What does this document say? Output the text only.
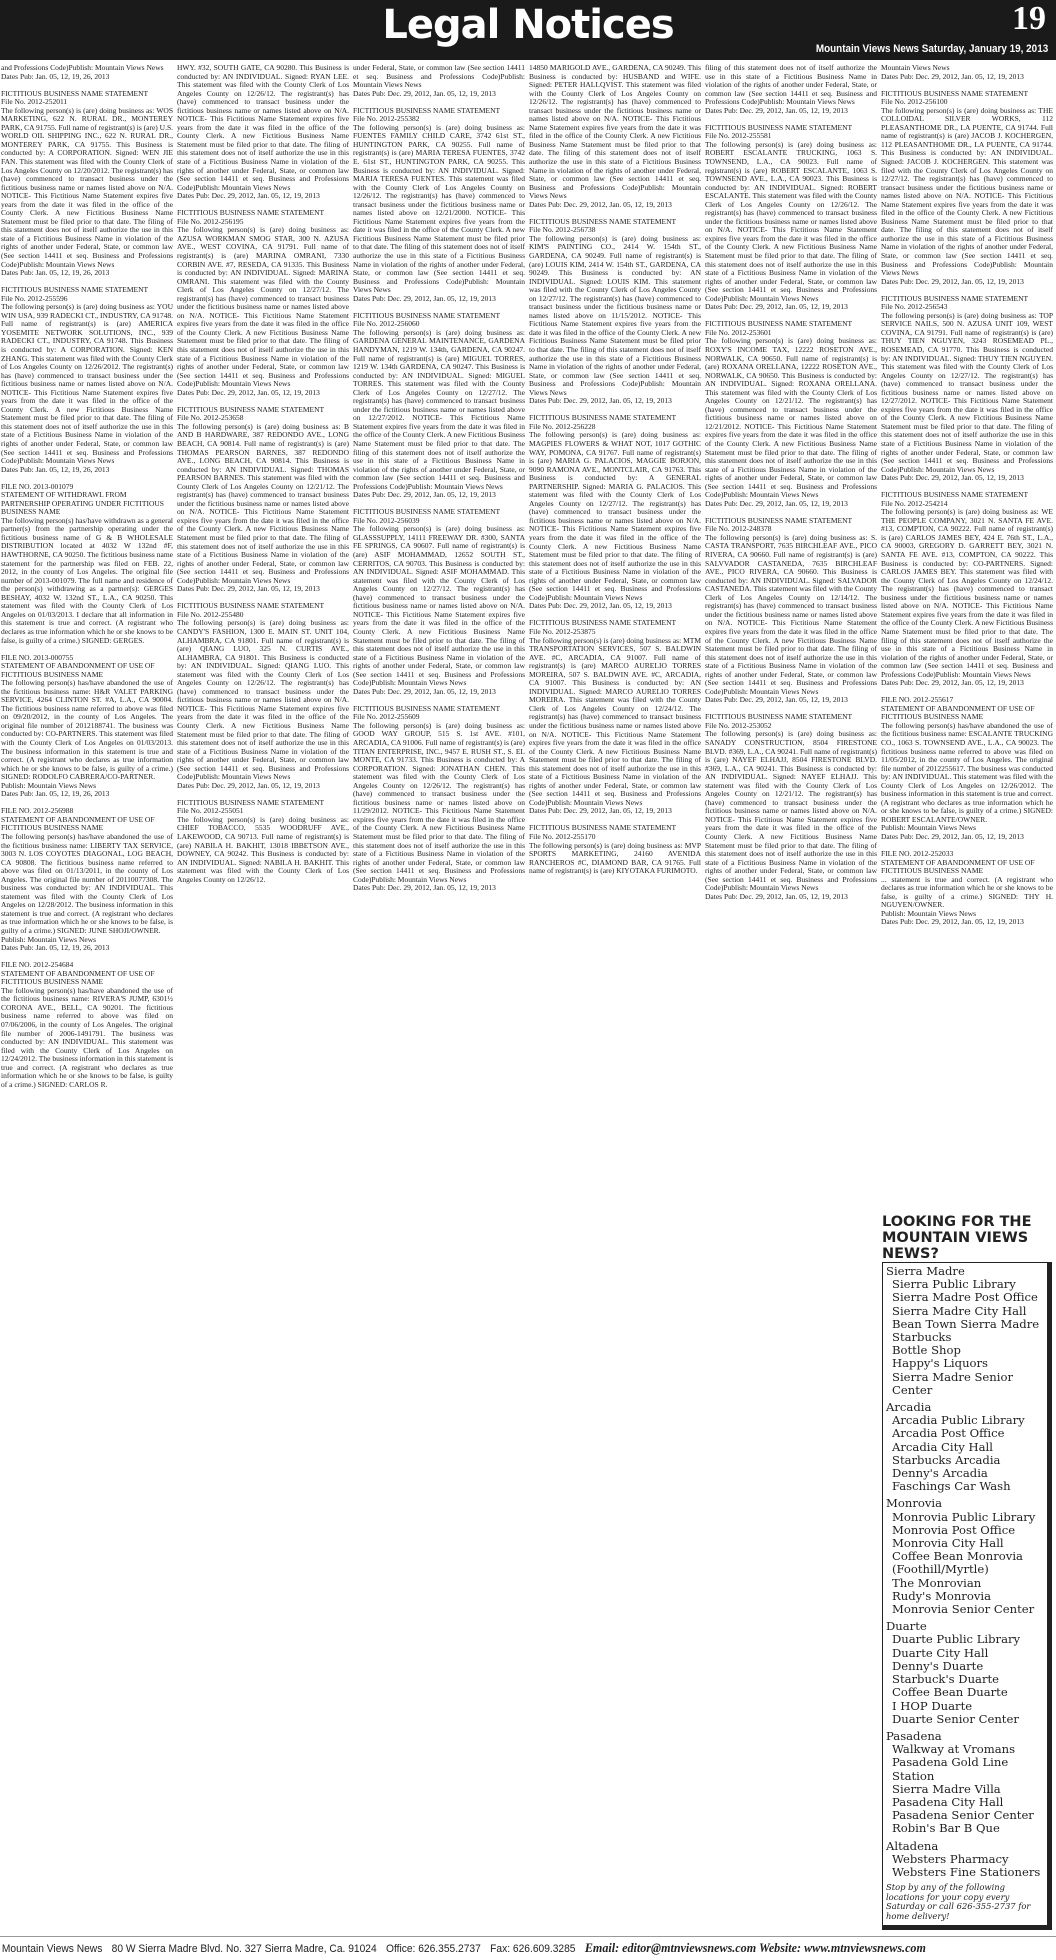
Legal Notices	19
Mountain Views News Saturday, January 19, 2013
and Professions Code)Publish: Mountain Views News
Dates Pub: Jan. 05, 12, 19, 26, 2013
FICTITIOUS BUSINESS NAME STATEMENT
File No. 2012-252011
The following person(s) is (are) doing business as: WOS MARKETING, 622 N. RURAL DR., MONTEREY PARK, CA 91755. Full name of registrant(s) is (are) U.S. WORLD OIL SHIPPING INC., 622 N. RURAL DR., MONTEREY PARK, CA 91755. This Business is conducted by: A CORPORATION. Signed: WEN JIE FAN. This statement was filed with the County Clerk of Los Angeles County on 12/20/2012. The registrant(s) has (have) commenced to transact business under the fictitious business name or names listed above on N/A. NOTICE- This Fictitious Name Statement expires five years from the date it was filed in the office of the County Clerk. A new Fictitious Business Name Statement must be filed prior to that date. The filing of this statement does not of itself authorize the use in this state of a Fictitious Business Name in violation of the rights of another under Federal, State, or common law (See section 14411 et seq. Business and Professions Code)Publish: Mountain Views News
Dates Pub: Jan. 05, 12, 19, 26, 2013
FICTITIOUS BUSINESS NAME STATEMENT
File No. 2012-255596
The following person(s) is (are) doing business as: YOU WIN USA, 939 RADECKI CT., INDUSTRY, CA 91748. Full name of registrant(s) is (are) AMERICA YOSEMITE NETWORK SOLUTIONS, INC., 939 RADECKI CT., INDUSTRY, CA 91748. This Business is conducted by: A CORPORATION. Signed: KEN ZHANG. This statement was filed with the County Clerk of Los Angeles County on 12/26/2012. The registrant(s) has (have) commenced to transact business under the fictitious business name or names listed above on N/A. NOTICE- This Fictitious Name Statement expires five years from the date it was filed in the office of the County Clerk. A new Fictitious Business Name Statement must be filed prior to that date. The filing of this statement does not of itself authorize the use in this state of a Fictitious Business Name in violation of the rights of another under Federal, State, or common law (See section 14411 et seq. Business and Professions Code)Publish: Mountain Views News
Dates Pub: Jan. 05, 12, 19, 26, 2013
FILE NO. 2013-001079
STATEMENT OF WITHDRAWL FROM PARTNERSHIP OPERATING UNDER FICTITIOUS BUSINESS NAME
The following person(s) has/have withdrawn as a general partner(s) from the partnership operating under the fictitious business name of G & B WHOLESALE DISTRIBUTION located at 4032 W 132nd #F, HAWTHORNE, CA 90250. The fictitious business name statement for the partnership was filed on FEB. 22, 2012, in the county of Los Angeles. The original file number of 2013-001079. The full name and residence of the person(s) withdrawing as a partner(s): GERGES BESHAY, 4032 W. 132nd ST., L.A., CA 90250. This statement was filed with the County Clerk of Los Angeles on 01/03/2013. I declare that all information in this statement is true and correct. (A registrant who declares as true information which he or she knows to be false, is guilty of a crime.) SIGNED: GERGES.
FILE NO. 2013-000755
STATEMENT OF ABANDONMENT OF USE OF FICTITIOUS BUSINESS NAME
The following person(s) has/have abandoned the use of the fictitious business name: H&R VALET PARKING SERVICE, 4264 CLINTON ST. #A, L.A., CA 90004. The fictitious business name referred to above was filed on 09/20/2012, in the county of Los Angeles. The original file number of 2012188741. The business was conducted by: CO-PARTNERS. This statement was filed with the County Clerk of Los Angeles on 01/03/2013. The business information in this statement is true and correct. (A registrant who declares as true information which he or she knows to be false, is guilty of a crime.) SIGNED: RODOLFO CABRERA/CO-PARTNER.
Publish: Mountain Views News
Dates Pub: Jan. 05, 12, 19, 26, 2013
FILE NO. 2012-256988
STATEMENT OF ABANDONMENT OF USE OF FICTITIOUS BUSINESS NAME
The following person(s) has/have abandoned the use of the fictitious business name: LIBERTY TAX SERVICE, 3003 N. LOS COYOTES DIAGONAL, LOG BEACH, CA 90808. The fictitious business name referred to above was filed on 01/13/2011, in the county of Los Angeles. The original file number of 20110077308. The business was conducted by: AN INDIVIDUAL. This statement was filed with the County Clerk of Los Angeles on 12/28/2012. The business information in this statement is true and correct. (A registrant who declares as true information which he or she knows to be false, is guilty of a crime.) SIGNED: JUNE SHOJI/OWNER.
Publish: Mountain Views News
Dates Pub: Jan. 05, 12, 19, 26, 2013
FILE NO. 2012-254684
STATEMENT OF ABANDONMENT OF USE OF FICTITIOUS BUSINESS NAME
The following person(s) has/have abandoned the use of the fictitious business name: RIVERA'S JUMP, 6301½ CORONA AVE., BELL, CA 90201. The fictitious business name referred to above was filed on 07/06/2006, in the county of Los Angeles. The original file number of 2006-1491791. The business was conducted by: AN INDIVIDUAL. This statement was filed with the County Clerk of Los Angeles on 12/24/2012. The business information in this statement is true and correct. (A registrant who declares as true information which he or she knows to be false, is guilty of a crime.) SIGNED: CARLOS R.
HWY. #32, SOUTH GATE, CA 90280. This Business is conducted by: AN INDIVIDUAL. Signed: RYAN LEE. This statement was filed with the County Clerk of Los Angeles County on 12/26/12. The registrant(s) has (have) commenced to transact business under the fictitious business name or names listed above on N/A. NOTICE- This Fictitious Name Statement expires five years from the date it was filed in the office of the County Clerk. A new Fictitious Business Name Statement must be filed prior to that date. The filing of this statement does not of itself authorize the use in this state of a Fictitious Business Name in violation of the rights of another under Federal, State, or common law (See section 14411 et seq. Business and Professions Code)Publish: Mountain Views News
Dates Pub: Dec. 29, 2012, Jan. 05, 12, 19, 2013
FICTITIOUS BUSINESS NAME STATEMENT
File No. 2012-256195
The following person(s) is (are) doing business as: AZUSA WORKMAN SMOG STAR, 300 N. AZUSA AVE., WEST COVINA, CA 91791. Full name of registrant(s) is (are) MARINA OMRANI, 7330 CORBIN AVE. #7, RESEDA, CA 91335. This Business is conducted by: AN INDIVIDUAL. Signed: MARINA OMRANI. This statement was filed with the County Clerk of Los Angeles County on 12/27/12. The registrant(s) has (have) commenced to transact business under the fictitious business name or names listed above on N/A. NOTICE- This Fictitious Name Statement expires five years from the date it was filed in the office of the County Clerk. A new Fictitious Business Name Statement must be filed prior to that date. The filing of this statement does not of itself authorize the use in this state of a Fictitious Business Name in violation of the rights of another under Federal, State, or common law (See section 14411 et seq. Business and Professions Code)Publish: Mountain Views News
Dates Pub: Dec. 29, 2012, Jan. 05, 12, 19, 2013
FICTITIOUS BUSINESS NAME STATEMENT
File No. 2012-253658
The following person(s) is (are) doing business as: B AND B HARDWARE, 387 REDONDO AVE., LONG BEACH, CA 90814. Full name of registrant(s) is (are) THOMAS PEARSON BARNES, 387 REDONDO AVE., LONG BEACH, CA 90814. This Business is conducted by: AN INDIVIDUAL. Signed: THOMAS PEARSON BARNES. This statement was filed with the County Clerk of Los Angeles County on 12/21/12. The registrant(s) has (have) commenced to transact business under the fictitious business name or names listed above on N/A. NOTICE- This Fictitious Name Statement expires five years from the date it was filed in the office of the County Clerk. A new Fictitious Business Name Statement must be filed prior to that date. The filing of this statement does not of itself authorize the use in this state of a Fictitious Business Name in violation of the rights of another under Federal, State, or common law (See section 14411 et seq. Business and Professions Code)Publish: Mountain Views News
Dates Pub: Dec. 29, 2012, Jan. 05, 12, 19, 2013
FICTITIOUS BUSINESS NAME STATEMENT
File No. 2012-255480
The following person(s) is (are) doing business as: CANDY'S FASHION, 1300 E. MAIN ST. UNIT 104, ALHAMBRA, CA 91801. Full name of registrant(s) is (are) QIANG LUO, 325 N. CURTIS AVE., ALHAMBRA, CA 91801. This Business is conducted by: AN INDIVIDUAL. Signed: QIANG LUO. This statement was filed with the County Clerk of Los Angeles County on 12/26/12. The registrant(s) has (have) commenced to transact business under the fictitious business name or names listed above on N/A. NOTICE- This Fictitious Name Statement expires five years from the date it was filed in the office of the County Clerk. A new Fictitious Business Name Statement must be filed prior to that date. The filing of this statement does not of itself authorize the use in this state of a Fictitious Business Name in violation of the rights of another under Federal, State, or common law (See section 14411 et seq. Business and Professions Code)Publish: Mountain Views News
Dates Pub: Dec. 29, 2012, Jan. 05, 12, 19, 2013
FICTITIOUS BUSINESS NAME STATEMENT
File No. 2012-255051
The following person(s) is (are) doing business as: CHIEF TOBACCO, 5535 WOODRUFF AVE., LAKEWOOD, CA 90713. Full name of registrant(s) is (are) NABILA H. BAKHIT, 13018 IBBETSON AVE., DOWNEY, CA 90242. This Business is conducted by: AN INDIVIDUAL. Signed: NABILA H. BAKHIT. This statement was filed with the County Clerk of Los Angeles County on 12/26/12.
under Federal, State, or common law (See section 14411 et seq. Business and Professions Code)Publish: Mountain Views News
Dates Pub: Dec. 29, 2012, Jan. 05, 12, 19, 2013
FICTITIOUS BUSINESS NAME STATEMENT
File No. 2012-255382
The following person(s) is (are) doing business as: FUENTES FAMILY CHILD CARE, 3742 61st ST., HUNTINGTON PARK, CA 90255. Full name of registrant(s) is (are) MARIA TERESA FUENTES, 3742 E. 61st ST., HUNTINGTON PARK, CA 90255. This Business is conducted by: AN INDIVIDUAL. Signed: MARIA TERESA FUENTES. This statement was filed with the County Clerk of Los Angeles County on 12/26/12. The registrant(s) has (have) commenced to transact business under the fictitious business name or names listed above on 12/21/2000. NOTICE- This Fictitious Name Statement expires five years from the date it was filed in the office of the County Clerk. A new Fictitious Business Name Statement must be filed prior to that date. The filing of this statement does not of itself authorize the use in this state of a Fictitious Business Name in violation of the rights of another under Federal, State, or common law (See section 14411 et seq. Business and Professions Code)Publish: Mountain Views News
Dates Pub: Dec. 29, 2012, Jan. 05, 12, 19, 2013
FICTITIOUS BUSINESS NAME STATEMENT
File No. 2012-256060
The following person(s) is (are) doing business as: GARDENA GENERAL MAINTENANCE, GARDENA HANDYMAN, 1219 W. 134th, GARDENA, CA 90247. Full name of registrant(s) is (are) MIGUEL TORRES, 1219 W. 134th GARDENA, CA 90247. This Business is conducted by: AN INDIVIDUAL. Signed: MIGUEL TORRES. This statement was filed with the County Clerk of Los Angeles County on 12/27/12. The registrant(s) has (have) commenced to transact business under the fictitious business name or names listed above on 12/27/2012. NOTICE- This Fictitious Name Statement expires five years from the date it was filed in the office of the County Clerk. A new Fictitious Business Name Statement must be filed prior to that date. The filing of this statement does not of itself authorize the use in this state of a Fictitious Business Name in violation of the rights of another under Federal, State, or common law (See section 14411 et seq. Business and Professions Code)Publish: Mountain Views News
Dates Pub: Dec. 29, 2012, Jan. 05, 12, 19, 2013
FICTITIOUS BUSINESS NAME STATEMENT
File No. 2012-256039
The following person(s) is (are) doing business as: GLASSSUPPLY, 14111 FREEWAY DR. #300, SANTA FE SPRINGS, CA 90607. Full name of registrant(s) is (are) ASIF MOHAMMAD, 12652 SOUTH ST., CERRITOS, CA 90703. This Business is conducted by: AN INDIVIDUAL. Signed: ASIF MOHAMMAD. This statement was filed with the County Clerk of Los Angeles County on 12/27/12. The registrant(s) has (have) commenced to transact business under the fictitious business name or names listed above on N/A. NOTICE- This Fictitious Name Statement expires five years from the date it was filed in the office of the County Clerk. A new Fictitious Business Name Statement must be filed prior to that date. The filing of this statement does not of itself authorize the use in this state of a Fictitious Business Name in violation of the rights of another under Federal, State, or common law (See section 14411 et seq. Business and Professions Code)Publish: Mountain Views News
Dates Pub: Dec. 29, 2012, Jan. 05, 12, 19, 2013
FICTITIOUS BUSINESS NAME STATEMENT
File No. 2012-255609
The following person(s) is (are) doing business as: GOOD WAY GROUP, 515 S. 1st AVE. #101, ARCADIA, CA 91006. Full name of registrant(s) is (are) TITAN ENTERPRISE, INC., 9457 E. RUSH ST., S. EL MONTE, CA 91733. This Business is conducted by: A CORPORATION. Signed: JONATHAN CHEN. This statement was filed with the County Clerk of Los Angeles County on 12/26/12. The registrant(s) has (have) commenced to transact business under the fictitious business name or names listed above on 11/29/2012. NOTICE- This Fictitious Name Statement expires five years from the date it was filed in the office of the County Clerk. A new Fictitious Business Name Statement must be filed prior to that date. The filing of this statement does not of itself authorize the use in this state of a Fictitious Business Name in violation of the rights of another under Federal, State, or common law (See section 14411 et seq. Business and Professions Code)Publish: Mountain Views News
Dates Pub: Dec. 29, 2012, Jan. 05, 12, 19, 2013
14850 MARIGOLD AVE., GARDENA, CA 90249. This Business is conducted by: HUSBAND and WIFE. Signed: PETER HALLQVIST. This statement was filed with the County Clerk of Los Angeles County on 12/26/12. The registrant(s) has (have) commenced to transact business under the fictitious business name or names listed above on N/A. NOTICE- This Fictitious Name Statement expires five years from the date it was filed in the office of the County Clerk. A new Fictitious Business Name Statement must be filed prior to that date. The filing of this statement does not of itself authorize the use in this state of a Fictitious Business Name in violation of the rights of another under Federal, State, or common law (See section 14411 et seq. Business and Professions Code)Publish: Mountain Views News
Dates Pub: Dec. 29, 2012, Jan. 05, 12, 19, 2013
FICTITIOUS BUSINESS NAME STATEMENT
File No. 2012-256738
The following person(s) is (are) doing business as: KIM'S PAINTING CO., 2414 W. 154th ST., GARDENA, CA 90249. Full name of registrant(s) is (are) LOUIS KIM, 2414 W. 154th ST., GARDENA, CA 90249. This Business is conducted by: AN INDIVIDUAL. Signed: LOUIS KIM. This statement was filed with the County Clerk of Los Angeles County on 12/27/12. The registrant(s) has (have) commenced to transact business under the fictitious business name or names listed above on 11/15/2012. NOTICE- This Fictitious Name Statement expires five years from the date it was filed in the office of the County Clerk. A new Fictitious Business Name Statement must be filed prior to that date. The filing of this statement does not of itself authorize the use in this state of a Fictitious Business Name in violation of the rights of another under Federal, State, or common law (See section 14411 et seq. Business and Professions Code)Publish: Mountain Views News
Dates Pub: Dec. 29, 2012, Jan. 05, 12, 19, 2013
FICTITIOUS BUSINESS NAME STATEMENT
File No. 2012-256228
The following person(s) is (are) doing business as: MAGPIES FLOWERS & WHAT NOT, 1017 GOTHIC WAY, POMONA, CA 91767. Full name of registrant(s) is (are) MARIA G. PALACIOS, MAGGIE BORJON, 9090 RAMONA AVE., MONTCLAIR, CA 91763. This Business is conducted by: A GENERAL PARTNERSHIP. Signed: MARIA G. PALACIOS. This statement was filed with the County Clerk of Los Angeles County on 12/27/12. The registrant(s) has (have) commenced to transact business under the fictitious business name or names listed above on N/A. NOTICE- This Fictitious Name Statement expires five years from the date it was filed in the office of the County Clerk. A new Fictitious Business Name Statement must be filed prior to that date. The filing of this statement does not of itself authorize the use in this state of a Fictitious Business Name in violation of the rights of another under Federal, State, or common law (See section 14411 et seq. Business and Professions Code)Publish: Mountain Views News
Dates Pub: Dec. 29, 2012, Jan. 05, 12, 19, 2013
FICTITIOUS BUSINESS NAME STATEMENT
File No. 2012-253875
The following person(s) is (are) doing business as: MTM TRANSPORTATION SERVICES, 507 S. BALDWIN AVE. #C, ARCADIA, CA 91007. Full name of registrant(s) is (are) MARCO AURELIO TORRES MOREIRA, 507 S. BALDWIN AVE. #C, ARCADIA, CA 91007. This Business is conducted by: AN INDIVIDUAL. Signed: MARCO AURELIO TORRES MOREIRA. This statement was filed with the County Clerk of Los Angeles County on 12/24/12. The registrant(s) has (have) commenced to transact business under the fictitious business name or names listed above on N/A. NOTICE- This Fictitious Name Statement expires five years from the date it was filed in the office of the County Clerk. A new Fictitious Business Name Statement must be filed prior to that date. The filing of this statement does not of itself authorize the use in this state of a Fictitious Business Name in violation of the rights of another under Federal, State, or common law (See section 14411 et seq. Business and Professions Code)Publish: Mountain Views News
Dates Pub: Dec. 29, 2012, Jan. 05, 12, 19, 2013
FICTITIOUS BUSINESS NAME STATEMENT
File No. 2012-255170
The following person(s) is (are) doing business as: MVP SPORTS MARKETING, 24160 AVENIDA RANCHEROS #C, DIAMOND BAR, CA 91765. Full name of registrant(s) is (are) KIYOTAKA FURIMOTO.
filing of this statement does not of itself authorize the use in this state of a Fictitious Business Name in violation of the rights of another under Federal, State, or common law (See section 14411 et seq. Business and Professions Code)Publish: Mountain Views News
Dates Pub: Dec. 29, 2012, Jan. 05, 12, 19, 2013
FICTITIOUS BUSINESS NAME STATEMENT
File No. 2012-255581
The following person(s) is (are) doing business as: ROBERT ESCALANTE TRUCKING, 1063 S. TOWNSEND, L.A., CA 90023. Full name of registrant(s) is (are) ROBERT ESCALANTE, 1063 S. TOWNSEND AVE., L.A., CA 90023. This Business is conducted by: AN INDIVIDUAL. Signed: ROBERT ESCALANTE. This statement was filed with the County Clerk of Los Angeles County on 12/26/12. The registrant(s) has (have) commenced to transact business under the fictitious business name or names listed above on N/A. NOTICE- This Fictitious Name Statement expires five years from the date it was filed in the office of the County Clerk. A new Fictitious Business Name Statement must be filed prior to that date. The filing of this statement does not of itself authorize the use in this state of a Fictitious Business Name in violation of the rights of another under Federal, State, or common law (See section 14411 et seq. Business and Professions Code)Publish: Mountain Views News
Dates Pub: Dec. 29, 2012, Jan. 05, 12, 19, 2013
FICTITIOUS BUSINESS NAME STATEMENT
File No. 2012-253601
The following person(s) is (are) doing business as: ROXY'S INCOME TAX, 12222 ROSETON AVE., NORWALK, CA 90650. Full name of registrant(s) is (are) ROXANA ORELLANA, 12222 ROSETON AVE., NORWALK, CA 90650. This Business is conducted by: AN INDIVIDUAL. Signed: ROXANA ORELLANA. This statement was filed with the County Clerk of Los Angeles County on 12/21/12. The registrant(s) has (have) commenced to transact business under the fictitious business name or names listed above on 12/21/2012. NOTICE- This Fictitious Name Statement expires five years from the date it was filed in the office of the County Clerk. A new Fictitious Business Name Statement must be filed prior to that date. The filing of this statement does not of itself authorize the use in this state of a Fictitious Business Name in violation of the rights of another under Federal, State, or common law (See section 14411 et seq. Business and Professions Code)Publish: Mountain Views News
Dates Pub: Dec. 29, 2012, Jan. 05, 12, 19, 2013
FICTITIOUS BUSINESS NAME STATEMENT
File No. 2012-248378
The following person(s) is (are) doing business as: S. CASTA TRANSPORT, 7635 BIRCHLEAF AVE., PICO RIVERA, CA 90660. Full name of registrant(s) is (are) SALVVADOR CASTANEDA, 7635 BIRCHLEAF AVE., PICO RIVERA, CA 90660. This Business is conducted by: AN INDIVIDUAL. Signed: SALVADOR CASTANEDA. This statement was filed with the County Clerk of Los Angeles County on 12/14/12. The registrant(s) has (have) commenced to transact business under the fictitious business name or names listed above on N/A. NOTICE- This Fictitious Name Statement expires five years from the date it was filed in the office of the County Clerk. A new Fictitious Business Name Statement must be filed prior to that date. The filing of this statement does not of itself authorize the use in this state of a Fictitious Business Name in violation of the rights of another under Federal, State, or common law (See section 14411 et seq. Business and Professions Code)Publish: Mountain Views News
Dates Pub: Dec. 29, 2012, Jan. 05, 12, 19, 2013
FICTITIOUS BUSINESS NAME STATEMENT
File No. 2012-253052
The following person(s) is (are) doing business as: SANADY CONSTRUCTION, 8504 FIRESTONE BLVD. #369, L.A., CA 90241. Full name of registrant(s) is (are) NAYEF ELHAJJ, 8504 FIRESTONE BLVD. #369, L.A., CA 90241. This Business is conducted by: AN INDIVIDUAL. Signed: NAYEF ELHAJJ. This statement was filed with the County Clerk of Los Angeles County on 12/21/12. The registrant(s) has (have) commenced to transact business under the fictitious business name or names listed above on N/A. NOTICE- This Fictitious Name Statement expires five years from the date it was filed in the office of the County Clerk. A new Fictitious Business Name Statement must be filed prior to that date. The filing of this statement does not of itself authorize the use in this state of a Fictitious Business Name in violation of the rights of another under Federal, State, or common law (See section 14411 et seq. Business and Professions Code)Publish: Mountain Views News
Dates Pub: Dec. 29, 2012, Jan. 05, 12, 19, 2013
Mountain Views News
Dates Pub: Dec. 29, 2012, Jan. 05, 12, 19, 2013
FICTITIOUS BUSINESS NAME STATEMENT
File No. 2012-256100
The following person(s) is (are) doing business as: THE COLLOIDAL SILVER WORKS, 112 PLEASANTHOME DR., LA PUENTE, CA 91744. Full name of registrant(s) is (are) JACOB J. KOCHERGEN, 112 PLEASANTHOME DR., LA PUENTE, CA 91744. This Business is conducted by: AN INDIVIDUAL. Signed: JACOB J. KOCHERGEN. This statement was filed with the County Clerk of Los Angeles County on 12/27/12. The registrant(s) has (have) commenced to transact business under the fictitious business name or names listed above on N/A. NOTICE- This Fictitious Name Statement expires five years from the date it was filed in the office of the County Clerk. A new Fictitious Business Name Statement must be filed prior to that date. The filing of this statement does not of itself authorize the use in this state of a Fictitious Business Name in violation of the rights of another under Federal, State, or common law (See section 14411 et seq. Business and Professions Code)Publish: Mountain Views News
Dates Pub: Dec. 29, 2012, Jan. 05, 12, 19, 2013
FICTITIOUS BUSINESS NAME STATEMENT
File No. 2012-256543
The following person(s) is (are) doing business as: TOP SERVICE NAILS, 500 N. AZUSA UNIT 109, WEST COVINA, CA 91791. Full name of registrant(s) is (are) THUY TIEN NGUYEN, 3243 ROSEMEAD PL., ROSEMEAD, CA 91770. This Business is conducted by: AN INDIVIDUAL. Signed: THUY TIEN NGUYEN. This statement was filed with the County Clerk of Los Angeles County on 12/27/12. The registrant(s) has (have) commenced to transact business under the fictitious business name or names listed above on 12/27/2012. NOTICE- This Fictitious Name Statement expires five years from the date it was filed in the office of the County Clerk. A new Fictitious Business Name Statement must be filed prior to that date. The filing of this statement does not of itself authorize the use in this state of a Fictitious Business Name in violation of the rights of another under Federal, State, or common law (See section 14411 et seq. Business and Professions Code)Publish: Mountain Views News
Dates Pub: Dec. 29, 2012, Jan. 05, 12, 19, 2013
FICTITIOUS BUSINESS NAME STATEMENT
File No. 2012-254214
The following person(s) is (are) doing business as: WE THE PEOPLE COMPANY, 3021 N. SANTA FE AVE. #13, COMPTON, CA 90222. Full name of registrant(s) is (are) CARLOS JAMES BEY, 424 E. 76th ST., L.A., CA 90003, GREGORY D. GARRETT BEY, 3021 N. SANTA FE AVE. #13, COMPTON, CA 90222. This Business is conducted by: CO-PARTNERS. Signed: CARLOS JAMES BEY. This statement was filed with the County Clerk of Los Angeles County on 12/24/12. The registrant(s) has (have) commenced to transact business under the fictitious business name or names listed above on N/A. NOTICE- This Fictitious Name Statement expires five years from the date it was filed in the office of the County Clerk. A new Fictitious Business Name Statement must be filed prior to that date. The filing of this statement does not of itself authorize the use in this state of a Fictitious Business Name in violation of the rights of another under Federal, State, or common law (See section 14411 et seq. Business and Professions Code)Publish: Mountain Views News
Dates Pub: Dec. 29, 2012, Jan. 05, 12, 19, 2013
FILE NO. 2012-255617
STATEMENT OF ABANDONMENT OF USE OF FICTITIOUS BUSINESS NAME
The following person(s) has/have abandoned the use of the fictitious business name: ESCALANTE TRUCKING CO., 1063 S. TOWNSEND AVE., L.A., CA 90023. The fictitious business name referred to above was filed on 11/05/2012, in the county of Los Angeles. The original file number of 2012255617. The business was conducted by: AN INDIVIDUAL. This statement was filed with the County Clerk of Los Angeles on 12/26/2012. The business information in this statement is true and correct. (A registrant who declares as true information which he or she knows to be false, is guilty of a crime.) SIGNED: ROBERT ESCALANTE/OWNER.
Publish: Mountain Views News
Dates Pub: Dec. 29, 2012, Jan. 05, 12, 19, 2013
FILE NO. 2012-252033
STATEMENT OF ABANDONMENT OF USE OF FICTITIOUS BUSINESS NAME
... statement is true and correct. (A registrant who declares as true information which he or she knows to be false, is guilty of a crime.) SIGNED: THY H. NGUYEN/OWNER.
Publish: Mountain Views News
Dates Pub: Dec. 29, 2012, Jan. 05, 12, 19, 2013
LOOKING FOR THE MOUNTAIN VIEWS NEWS?
Sierra Madre
Sierra Public Library
Sierra Madre Post Office
Sierra Madre City Hall
Bean Town Sierra Madre
Starbucks
Bottle Shop
Happy's Liquors
Sierra Madre Senior Center
Arcadia
Arcadia Public Library
Arcadia Post Office
Arcadia City Hall
Starbucks Arcadia
Denny's Arcadia
Faschings Car Wash
Monrovia
Monrovia Public Library
Monrovia Post Office
Monrovia City Hall
Coffee Bean Monrovia (Foothill/Myrtle)
The Monrovian
Rudy's Monrovia
Monrovia Senior Center
Duarte
Duarte Public Library
Duarte City Hall
Denny's Duarte
Starbuck's Duarte
Coffee Bean Duarte
I HOP Duarte
Duarte Senior Center
Pasadena
Walkway at Vromans
Pasadena Gold Line Station
Sierra Madre Villa
Pasadena City Hall
Pasadena Senior Center
Robin's Bar B Que
Altadena
Websters Pharmacy
Websters Fine Stationers
Stop by any of the following locations for your copy every Saturday or call 626-355-2737 for home delivery!
Mountain Views News 80 W Sierra Madre Blvd. No. 327 Sierra Madre, Ca. 91024 Office: 626.355.2737 Fax: 626.609.3285 Email: editor@mtnviewsnews.com Website: www.mtnviewsnews.com
